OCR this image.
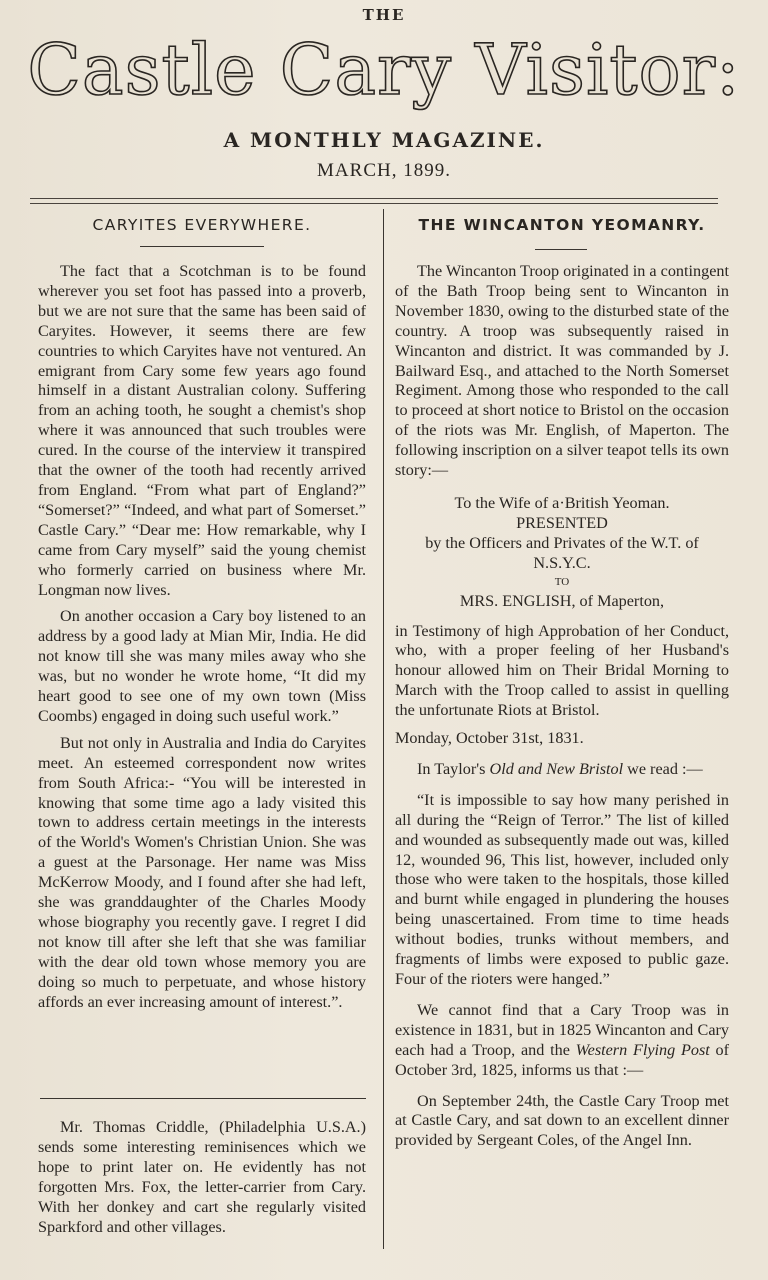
THE
Castle Cary Visitor:
A MONTHLY MAGAZINE.
MARCH, 1899.
CARYITES EVERYWHERE.

The fact that a Scotchman is to be found wherever you set foot has passed into a proverb, but we are not sure that the same has been said of Caryites. However, it seems there are few countries to which Caryites have not ventured. An emigrant from Cary some few years ago found himself in a distant Australian colony. Suffering from an aching tooth, he sought a chemist's shop where it was announced that such troubles were cured. In the course of the interview it transpired that the owner of the tooth had recently arrived from England. “From what part of England?” “Somerset?” “Indeed, and what part of Somerset.” Castle Cary.” “Dear me: How remarkable, why I came from Cary myself” said the young chemist who formerly carried on business where Mr. Longman now lives.

On another occasion a Cary boy listened to an address by a good lady at Mian Mir, India. He did not know till she was many miles away who she was, but no wonder he wrote home, “It did my heart good to see one of my own town (Miss Coombs) engaged in doing such useful work.”

But not only in Australia and India do Caryites meet. An esteemed correspondent now writes from South Africa:- “You will be interested in knowing that some time ago a lady visited this town to address certain meetings in the interests of the World's Women's Christian Union. She was a guest at the Parsonage. Her name was Miss McKerrow Moody, and I found after she had left, she was granddaughter of the Charles Moody whose biography you recently gave. I regret I did not know till after she left that she was familiar with the dear old town whose memory you are doing so much to perpetuate, and whose history affords an ever increasing amount of interest.”.

Mr. Thomas Criddle, (Philadelphia U.S.A.) sends some interesting reminisences which we hope to print later on. He evidently has not forgotten Mrs. Fox, the letter-carrier from Cary. With her donkey and cart she regularly visited Sparkford and other villages.

THE WINCANTON YEOMANRY.

The Wincanton Troop originated in a contingent of the Bath Troop being sent to Wincanton in November 1830, owing to the disturbed state of the country. A troop was subsequently raised in Wincanton and district. It was commanded by J. Bailward Esq., and attached to the North Somerset Regiment. Among those who responded to the call to proceed at short notice to Bristol on the occasion of the riots was Mr. English, of Maperton. The following inscription on a silver teapot tells its own story:—

To the Wife of a·British Yeoman.

PRESENTED

by the Officers and Privates of the W.T. of N.S.Y.C.

TO

MRS. ENGLISH, of Maperton,

in Testimony of high Approbation of her Conduct, who, with a proper feeling of her Husband's honour allowed him on Their Bridal Morning to March with the Troop called to assist in quelling the unfortunate Riots at Bristol.

Monday, October 31st, 1831.

In Taylor's Old and New Bristol we read :—

“It is impossible to say how many perished in all during the “Reign of Terror.” The list of killed and wounded as subsequently made out was, killed 12, wounded 96, This list, however, included only those who were taken to the hospitals, those killed and burnt while engaged in plundering the houses being unascertained. From time to time heads without bodies, trunks without members, and fragments of limbs were exposed to public gaze. Four of the rioters were hanged.”

We cannot find that a Cary Troop was in existence in 1831, but in 1825 Wincanton and Cary each had a Troop, and the Western Flying Post of October 3rd, 1825, informs us that :—

On September 24th, the Castle Cary Troop met at Castle Cary, and sat down to an excellent dinner provided by Sergeant Coles, of the Angel Inn.
